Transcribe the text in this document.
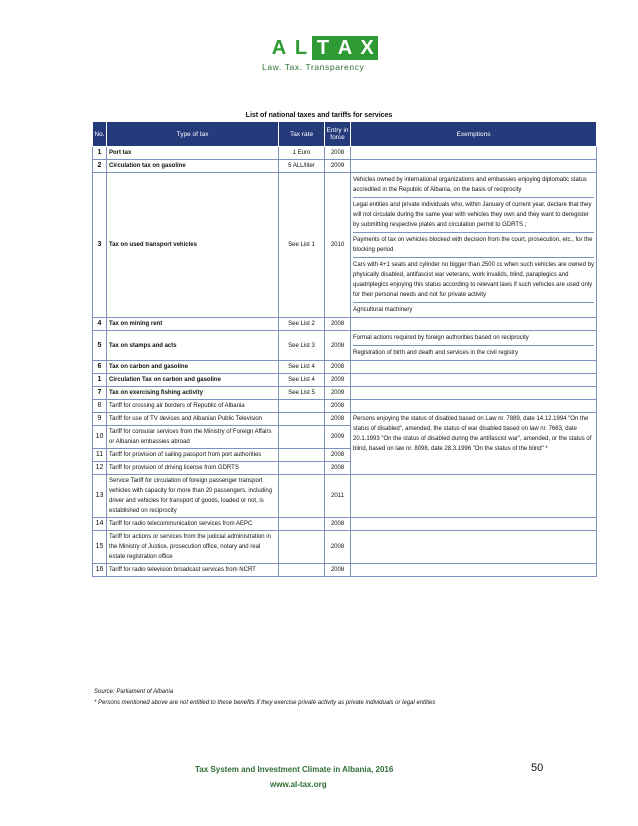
A L T A X
Law. Tax. Transparency
List of national taxes and tariffs for services
No.	Type of tax	Tax rate	Entry in force	Exemptions
1	Port tax	1 Euro	2008	
2	Circulation tax on gasoline	5 ALL/liter	2009	
3	Tax on used transport vehicles	See List 1	2010	Vehicles owned by international organizations and embassies enjoying diplomatic status accredited in the Republic of Albania, on the basis of reciprocity
Legal entities and private individuals who, within January of current year, declare that they will not circulate during the same year with vehicles they own and they want to deregister by submitting respective plates and circulation permit to GDRTS ;
Payments of tax on vehicles blocked with decision from the court, prosecution, etc., for the blocking period
Cars with 4+1 seats and cylinder no bigger than 2500 cc when such vehicles are owned by physically disabled, antifascist war veterans, work invalids, blind, paraplegics and quadriplegics enjoying this status according to relevant laws if such vehicles are used only for their personal needs and not for private activity
Agricultural machinery

4	Tax on mining rent	See List 2	2008	
5	Tax on stamps and acts	See List 3	2008	Formal actions required by foreign authorities based on reciprocity
Registration of birth and death and services in the civil registry

6	Tax on carbon and gasoline	See List 4	2008	
1	Circulation Tax on carbon and gasoline	See List 4	2009	
7	Tax on exercising fishing activity	See List 5	2009	
8	Tariff for crossing air borders of Republic of Albania		2008	
9	Tariff for use of TV devices and Albanian Public Television		2008	Persons enjoying the status of disabled based on Law nr. 7889, date 14.12.1994 "On the status of disabled", amended, the status of war disabled based on law nr. 7663, date 20.1.1993 "On the status of disabled during the antifascist war", amended, or the status of blind, based on law nr. 8098, date 28.3.1996 "On the status of the blind" *
10	Tariff for consular services from the Ministry of Foreign Affairs or Albanian embassies abroad		2009	
11	Tariff for provision of sailing passport from port authorities		2008	
12	Tariff for provision of driving license from GDRTS		2008	
13	Service Tariff for circulation of foreign passenger transport vehicles with capacity for more than 20 passengers, including driver and vehicles for transport of goods, loaded or not, is established on reciprocity		2011	
14	Tariff for radio telecommunication services from AEPC		2008	
15	Tariff for actions or services from the judicial administration in the Ministry of Justice, prosecution office, notary and real estate registration office		2008	
16	Tariff for radio television broadcast services from NCRT		2008	
Source: Parliament of Albania
* Persons mentioned above are not entitled to these benefits if they exercise private activity as private individuals or legal entities
Tax System and Investment Climate in Albania, 2016
www.al-tax.org
50
